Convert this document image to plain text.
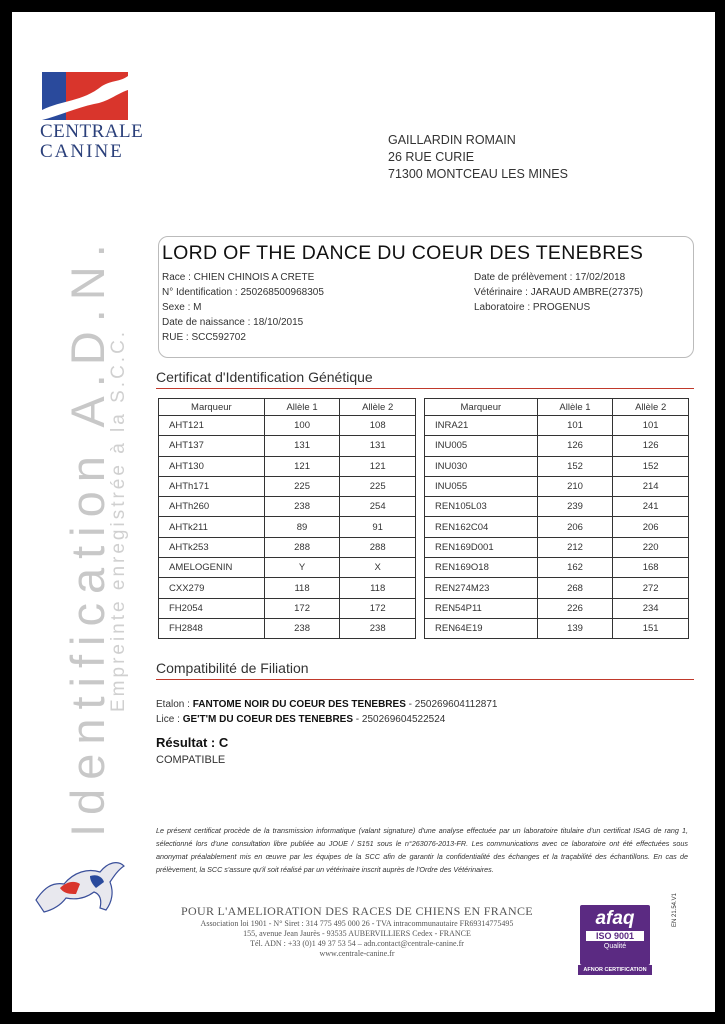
CENTRALE
CANINE
Identification A.D.N.
Empreinte enregistrée à la S.C.C.
GAILLARDIN ROMAIN
26 RUE CURIE
71300 MONTCEAU LES MINES
LORD OF THE DANCE DU COEUR DES TENEBRES
Race : CHIEN CHINOIS A CRETE
N° Identification : 250268500968305
Sexe : M
Date de naissance : 18/10/2015
RUE : SCC592702
Date de prélèvement : 17/02/2018
Vétérinaire : JARAUD AMBRE(27375)
Laboratoire : PROGENUS
Certificat d'Identification Génétique
Marqueur	Allèle 1	Allèle 2
AHT121	100	108
AHT137	131	131
AHT130	121	121
AHTh171	225	225
AHTh260	238	254
AHTk211	89	91
AHTk253	288	288
AMELOGENIN	Y	X
CXX279	118	118
FH2054	172	172
FH2848	238	238
Marqueur	Allèle 1	Allèle 2
INRA21	101	101
INU005	126	126
INU030	152	152
INU055	210	214
REN105L03	239	241
REN162C04	206	206
REN169D001	212	220
REN169O18	162	168
REN274M23	268	272
REN54P11	226	234
REN64E19	139	151
Compatibilité de Filiation
Etalon : FANTOME NOIR DU COEUR DES TENEBRES - 250269604112871
Lice : GE'T'M DU COEUR DES TENEBRES - 250269604522524
Résultat : C
COMPATIBLE
Le présent certificat procède de la transmission informatique (valant signature) d'une analyse effectuée par un laboratoire titulaire d'un certificat ISAG de rang 1, sélectionné lors d'une consultation libre publiée au JOUE / S151 sous le n°263076-2013-FR. Les communications avec ce laboratoire ont été effectuées sous anonymat préalablement mis en œuvre par les équipes de la SCC afin de garantir la confidentialité des échanges et la traçabilité des échantillons. En cas de prélèvement, la SCC s'assure qu'il soit réalisé par un vétérinaire inscrit auprès de l'Ordre des Vétérinaires.
POUR L'AMELIORATION DES RACES DE CHIENS EN FRANCE
Association loi 1901 - N° Siret : 314 775 495 000 26 - TVA intracommunautaire FR69314775495
155, avenue Jean Jaurès - 93535 AUBERVILLIERS Cedex - FRANCE
Tél. ADN : +33 (0)1 49 37 53 54 – adn.contact@centrale-canine.fr
www.centrale-canine.fr
afaq
ISO 9001
Qualité
AFNOR CERTIFICATION
EN 21.54.V1
